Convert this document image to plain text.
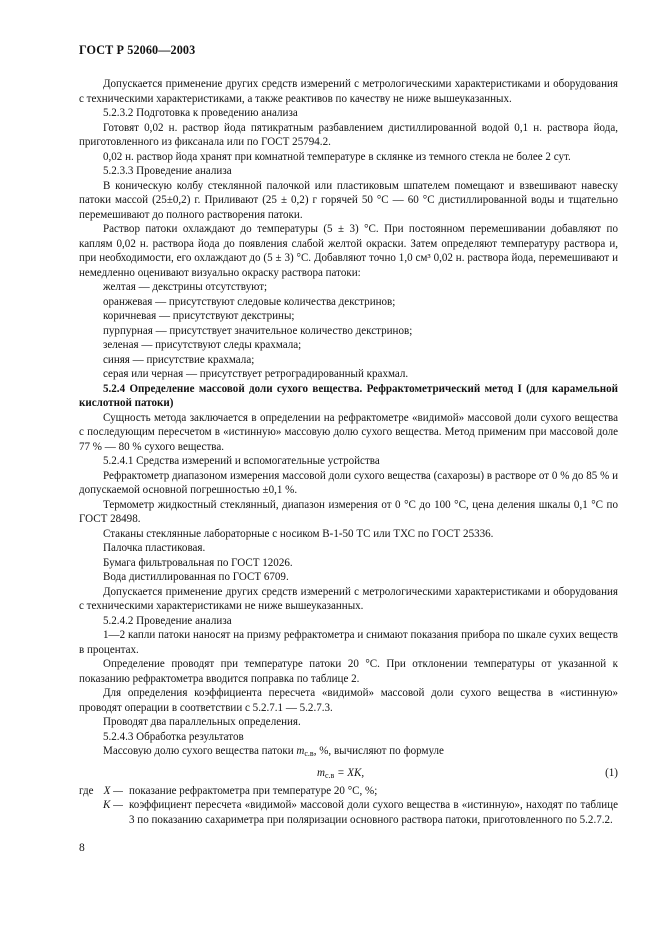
ГОСТ Р 52060—2003

Допускается применение других средств измерений с метрологическими характеристиками и оборудования с техническими характеристиками, а также реактивов по качеству не ниже вышеуказанных.

5.2.3.2 Подготовка к проведению анализа

Готовят 0,02 н. раствор йода пятикратным разбавлением дистиллированной водой 0,1 н. раствора йода, приготовленного из фиксанала или по ГОСТ 25794.2.

0,02 н. раствор йода хранят при комнатной температуре в склянке из темного стекла не более 2 сут.

5.2.3.3 Проведение анализа

В коническую колбу стеклянной палочкой или пластиковым шпателем помещают и взвешивают навеску патоки массой (25±0,2) г. Приливают (25 ± 0,2) г горячей 50 °С — 60 °С дистиллированной воды и тщательно перемешивают до полного растворения патоки.

Раствор патоки охлаждают до температуры (5 ± 3) °С. При постоянном перемешивании добавляют по каплям 0,02 н. раствора йода до появления слабой желтой окраски. Затем определяют температуру раствора и, при необходимости, его охлаждают до (5 ± 3) °С. Добавляют точно 1,0 см³ 0,02 н. раствора йода, перемешивают и немедленно оценивают визуально окраску раствора патоки:

желтая — декстрины отсутствуют;

оранжевая — присутствуют следовые количества декстринов;

коричневая — присутствуют декстрины;

пурпурная — присутствует значительное количество декстринов;

зеленая — присутствуют следы крахмала;

синяя — присутствие крахмала;

серая или черная — присутствует ретроградированный крахмал.

5.2.4 Определение массовой доли сухого вещества. Рефрактометрический метод I (для карамельной кислотной патоки)

Сущность метода заключается в определении на рефрактометре «видимой» массовой доли сухого вещества с последующим пересчетом в «истинную» массовую долю сухого вещества. Метод применим при массовой доле 77 % — 80 % сухого вещества.

5.2.4.1 Средства измерений и вспомогательные устройства

Рефрактометр диапазоном измерения массовой доли сухого вещества (сахарозы) в растворе от 0 % до 85 % и допускаемой основной погрешностью ±0,1 %.

Термометр жидкостный стеклянный, диапазон измерения от 0 °С до 100 °С, цена деления шкалы 0,1 °С по ГОСТ 28498.

Стаканы стеклянные лабораторные с носиком В-1-50 ТС или ТХС по ГОСТ 25336.

Палочка пластиковая.

Бумага фильтровальная по ГОСТ 12026.

Вода дистиллированная по ГОСТ 6709.

Допускается применение других средств измерений с метрологическими характеристиками и оборудования с техническими характеристиками не ниже вышеуказанных.

5.2.4.2 Проведение анализа

1—2 капли патоки наносят на призму рефрактометра и снимают показания прибора по шкале сухих веществ в процентах.

Определение проводят при температуре патоки 20 °С. При отклонении температуры от указанной к показанию рефрактометра вводится поправка по таблице 2.

Для определения коэффициента пересчета «видимой» массовой доли сухого вещества в «истинную» проводят операции в соответствии с 5.2.7.1 — 5.2.7.3.

Проводят два параллельных определения.

5.2.4.3 Обработка результатов

Массовую долю сухого вещества патоки $m_{с.в}$, %, вычисляют по формуле

$m_{с.в}$ = XK,	(1)
где X — показание рефрактометра при температуре 20 °С, %;
K — коэффициент пересчета «видимой» массовой доли сухого вещества в «истинную», находят по таблице 3 по показанию сахариметра при поляризации основного раствора патоки, приготовленного по 5.2.7.2.
8
